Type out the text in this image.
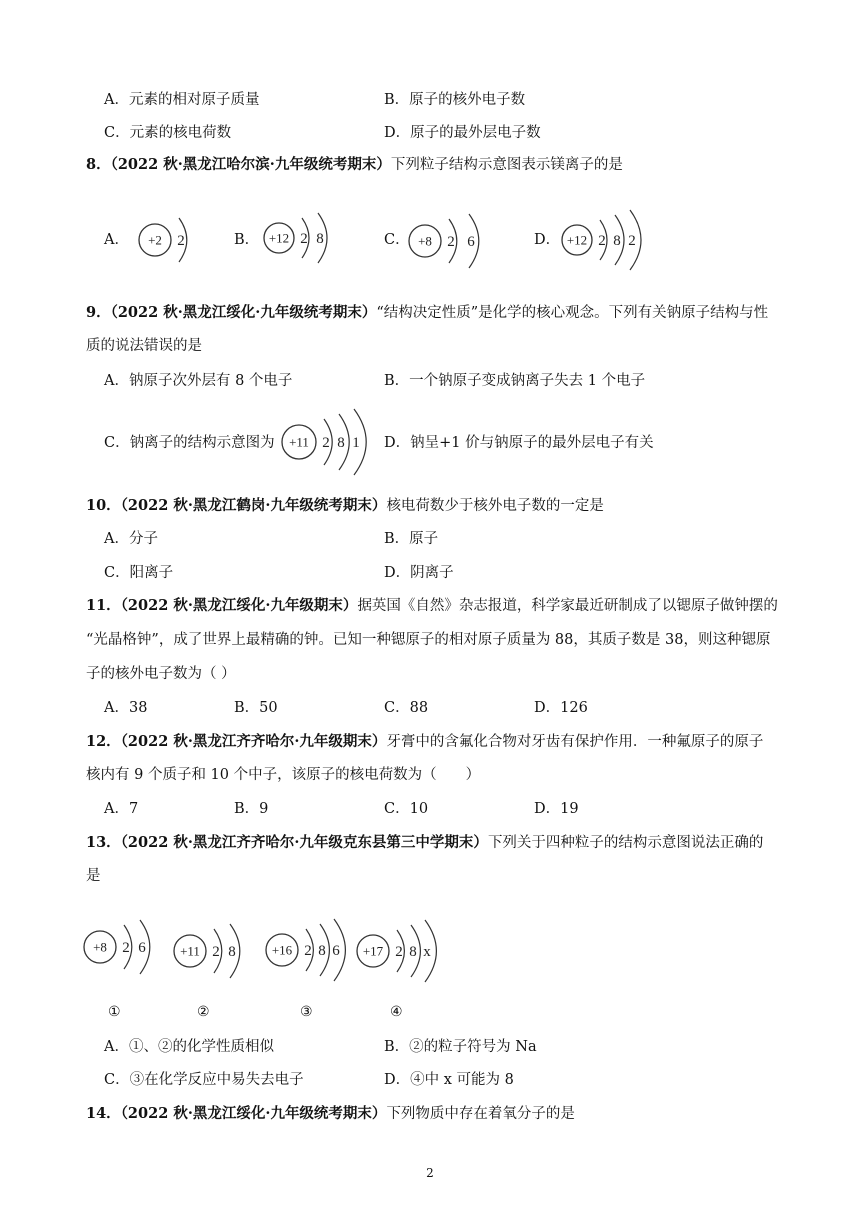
A．元素的相对原子质量	B．原子的核外电子数
C．元素的核电荷数	D．原子的最外层电子数
8．（2022 秋·黑龙江哈尔滨·九年级统考期末）下列粒子结构示意图表示镁离子的是
A．	B．	C．	D．
9．（2022 秋·黑龙江绥化·九年级统考期末）“结构决定性质”是化学的核心观念。下列有关钠原子结构与性
质的说法错误的是
A．钠原子次外层有 8 个电子	B．一个钠原子变成钠离子失去 1 个电子
C．钠离子的结构示意图为	D．钠呈+1 价与钠原子的最外层电子有关
10．（2022 秋·黑龙江鹤岗·九年级统考期末）核电荷数少于核外电子数的一定是
A．分子	B．原子
C．阳离子	D．阴离子
11．（2022 秋·黑龙江绥化·九年级期末）据英国《自然》杂志报道，科学家最近研制成了以锶原子做钟摆的
“光晶格钟”，成了世界上最精确的钟。已知一种锶原子的相对原子质量为 88，其质子数是 38，则这种锶原
子的核外电子数为（ ）
A．38	B．50	C．88	D．126
12．（2022 秋·黑龙江齐齐哈尔·九年级期末）牙膏中的含氟化合物对牙齿有保护作用．一种氟原子的原子
核内有 9 个质子和 10 个中子，该原子的核电荷数为（　　）
A．7	B．9	C．10	D．19
13．（2022 秋·黑龙江齐齐哈尔·九年级克东县第三中学期末）下列关于四种粒子的结构示意图说法正确的
是
①	②	③	④
A．①、②的化学性质相似	B．②的粒子符号为 Na
C．③在化学反应中易失去电子	D．④中 x 可能为 8
14．（2022 秋·黑龙江绥化·九年级统考期末）下列物质中存在着氧分子的是
2
+2 2	+12 2 8	+8 2 6	+12 2 8 2
+11 2 8 1
+8 2 6	+11 2 8	+16 2 8 6 +17 2 8 x
